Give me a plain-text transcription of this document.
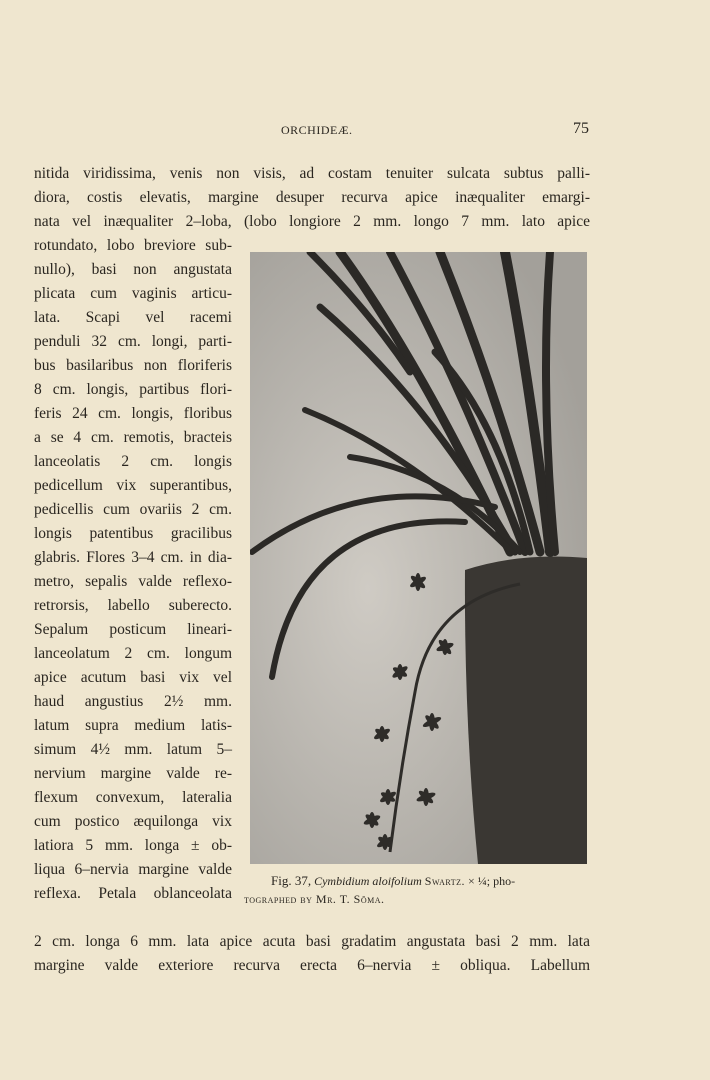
ORCHIDEÆ.	75
nitida viridissima, venis non visis, ad costam tenuiter sulcata subtus palli-
diora, costis elevatis, margine desuper recurva apice inæqualiter emargi-
nata vel inæqualiter 2–loba, (lobo longiore 2 mm. longo 7 mm. lato apice
rotundato, lobo breviore sub-
nullo), basi non angustata
plicata cum vaginis articu-
lata. Scapi vel racemi
penduli 32 cm. longi, parti-
bus basilaribus non floriferis
8 cm. longis, partibus flori-
feris 24 cm. longis, floribus
a se 4 cm. remotis, bracteis
lanceolatis 2 cm. longis
pedicellum vix superantibus,
pedicellis cum ovariis 2 cm.
longis patentibus gracilibus
glabris. Flores 3–4 cm. in dia-
metro, sepalis valde reflexo-
retrorsis, labello suberecto.
Sepalum posticum lineari-
lanceolatum 2 cm. longum
apice acutum basi vix vel
haud angustius 2½ mm.
latum supra medium latis-
simum 4½ mm. latum 5–
nervium margine valde re-
flexum convexum, lateralia
cum postico æquilonga vix
latiora 5 mm. longa ± ob-
liqua 6–nervia margine valde
reflexa. Petala oblanceolata
2 cm. longa 6 mm. lata apice acuta basi gradatim angustata basi 2 mm. lata
margine valde exteriore recurva erecta 6–nervia ± obliqua. Labellum
Fig. 37, Cymbidium aloifolium Swartz. × ¼; pho-
tographed by Mr. T. Sōma.
